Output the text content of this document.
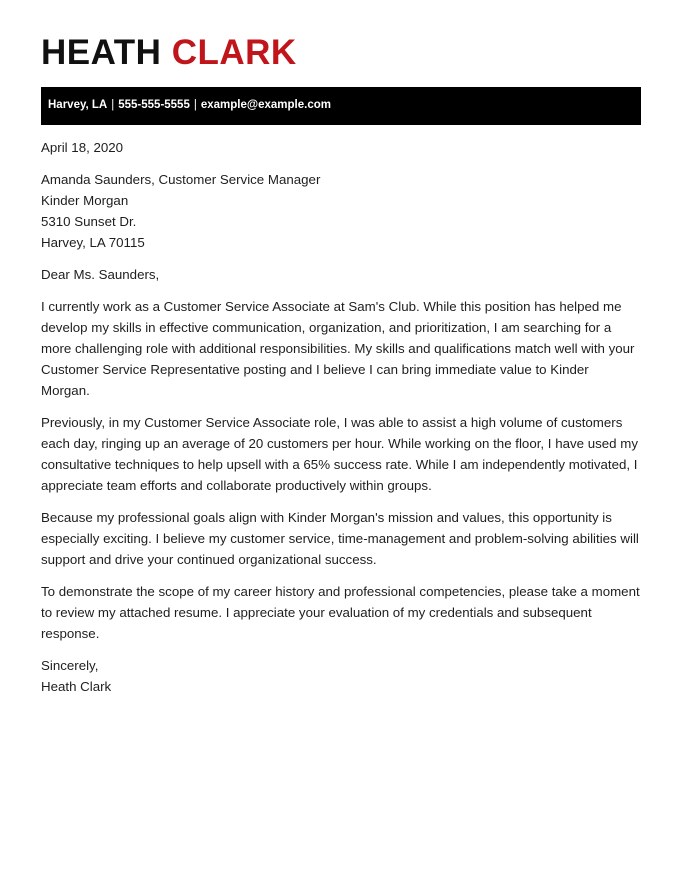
HEATH CLARK
Harvey, LA | 555-555-5555 | example@example.com

April 18, 2020

Amanda Saunders, Customer Service Manager

Kinder Morgan

5310 Sunset Dr.

Harvey, LA 70115

Dear Ms. Saunders,

I currently work as a Customer Service Associate at Sam's Club. While this position has helped me develop my skills in effective communication, organization, and prioritization, I am searching for a more challenging role with additional responsibilities. My skills and qualifications match well with your Customer Service Representative posting and I believe I can bring immediate value to Kinder Morgan.

Previously, in my Customer Service Associate role, I was able to assist a high volume of customers each day, ringing up an average of 20 customers per hour. While working on the floor, I have used my consultative techniques to help upsell with a 65% success rate. While I am independently motivated, I appreciate team efforts and collaborate productively within groups.

Because my professional goals align with Kinder Morgan's mission and values, this opportunity is especially exciting. I believe my customer service, time-management and problem-solving abilities will support and drive your continued organizational success.

To demonstrate the scope of my career history and professional competencies, please take a moment to review my attached resume. I appreciate your evaluation of my credentials and subsequent response.

Sincerely,

Heath Clark
